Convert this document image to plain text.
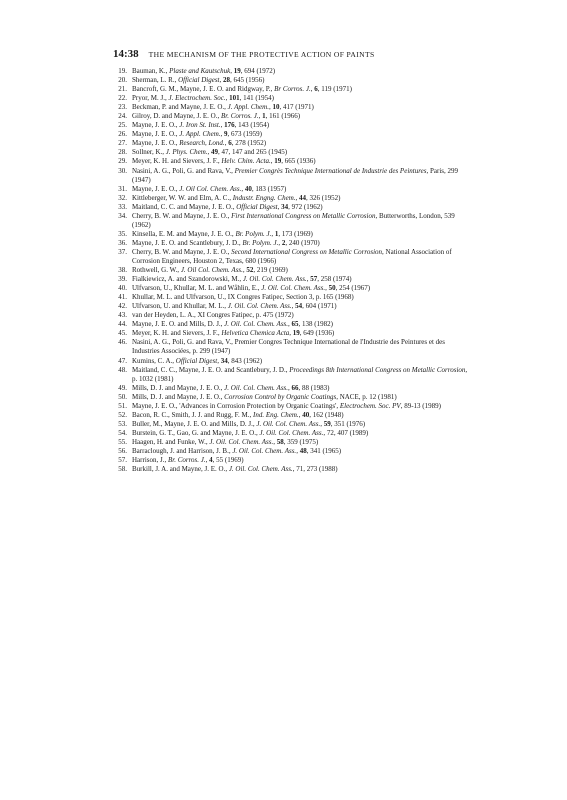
14:38 THE MECHANISM OF THE PROTECTIVE ACTION OF PAINTS
19. Bauman, K., Plaste and Kautschuk, 19, 694 (1972)
20. Sherman, L. R., Official Digest, 28, 645 (1956)
21. Bancroft, G. M., Mayne, J. E. O. and Ridgway, P., Br Corros. J., 6, 119 (1971)
22. Pryor, M. J., J. Electrochem. Soc., 101, 141 (1954)
23. Beckman, P. and Mayne, J. E. O., J. Appl. Chem., 10, 417 (1971)
24. Gilroy, D. and Mayne, J. E. O., Br. Corros. J., 1, 161 (1966)
25. Mayne, J. E. O., J. Iron St. Inst., 176, 143 (1954)
26. Mayne, J. E. O., J. Appl. Chem., 9, 673 (1959)
27. Mayne, J. E. O., Research, Lond., 6, 278 (1952)
28. Sollner, K., J. Phys. Chem., 49, 47, 147 and 265 (1945)
29. Meyer, K. H. and Sievers, J. F., Helv. Chim. Acta., 19, 665 (1936)
30. Nasini, A. G., Poli, G. and Rava, V., Premier Congrès Technique International de Industrie des Peintures, Paris, 299 (1947)
31. Mayne, J. E. O., J. Oil Col. Chem. Ass., 40, 183 (1957)
32. Kittleberger, W. W. and Elm, A. C., Industr. Engng. Chem., 44, 326 (1952)
33. Maitland, C. C. and Mayne, J. E. O., Official Digest, 34, 972 (1962)
34. Cherry, B. W. and Mayne, J. E. O., First International Congress on Metallic Corrosion, Butterworths, London, 539 (1962)
35. Kinsella, E. M. and Mayne, J. E. O., Br. Polym. J., 1, 173 (1969)
36. Mayne, J. E. O. and Scantlebury, J. D., Br. Polym. J., 2, 240 (1970)
37. Cherry, B. W. and Mayne, J. E. O., Second International Congress on Metallic Corrosion, National Association of Corrosion Engineers, Houston 2, Texas, 680 (1966)
38. Rothwell, G. W., J. Oil Col. Chem. Ass., 52, 219 (1969)
39. Fialkiewicz, A. and Szandorowski, M., J. Oil. Col. Chem. Ass., 57, 258 (1974)
40. Ulfvarson, U., Khullar, M. L. and Wåhlin, E., J. Oil. Col. Chem. Ass., 50, 254 (1967)
41. Khullar, M. L. and Ulfvarson, U., IX Congres Fatipec, Section 3, p. 165 (1968)
42. Ulfvarson, U. and Khullar, M. L., J. Oil. Col. Chem. Ass., 54, 604 (1971)
43. van der Heyden, L. A., XI Congres Fatipec, p. 475 (1972)
44. Mayne, J. E. O. and Mills, D. J., J. Oil. Col. Chem. Ass., 65, 138 (1982)
45. Meyer, K. H. and Sievers, J. F., Helvetica Chemica Acta, 19, 649 (1936)
46. Nasini, A. G., Poli, G. and Rava, V., Premier Congres Technique International de l'Industrie des Peintures et des Industries Associées, p. 299 (1947)
47. Kumins, C. A., Official Digest, 34, 843 (1962)
48. Maitland, C. C., Mayne, J. E. O. and Scantlebury, J. D., Proceedings 8th International Congress on Metallic Corrosion, p. 1032 (1981)
49. Mills, D. J. and Mayne, J. E. O., J. Oil. Col. Chem. Ass., 66, 88 (1983)
50. Mills, D. J. and Mayne, J. E. O., Corrosion Control by Organic Coatings, NACE, p. 12 (1981)
51. Mayne, J. E. O., 'Advances in Corrosion Protection by Organic Coatings', Electrochem. Soc. PV, 89-13 (1989)
52. Bacon, R. C., Smith, J. J. and Rugg, F. M., Ind. Eng. Chem., 40, 162 (1948)
53. Buller, M., Mayne, J. E. O. and Mills, D. J., J. Oil. Col. Chem. Ass., 59, 351 (1976)
54. Burstein, G. T., Gao, G. and Mayne, J. E. O., J. Oil. Col. Chem. Ass., 72, 407 (1989)
55. Haagen, H. and Funke, W., J. Oil. Col. Chem. Ass., 58, 359 (1975)
56. Barraclough, J. and Harrison, J. B., J. Oil. Col. Chem. Ass., 48, 341 (1965)
57. Harrison, J., Br. Corros. J., 4, 55 (1969)
58. Burkill, J. A. and Mayne, J. E. O., J. Oil. Col. Chem. Ass., 71, 273 (1988)
